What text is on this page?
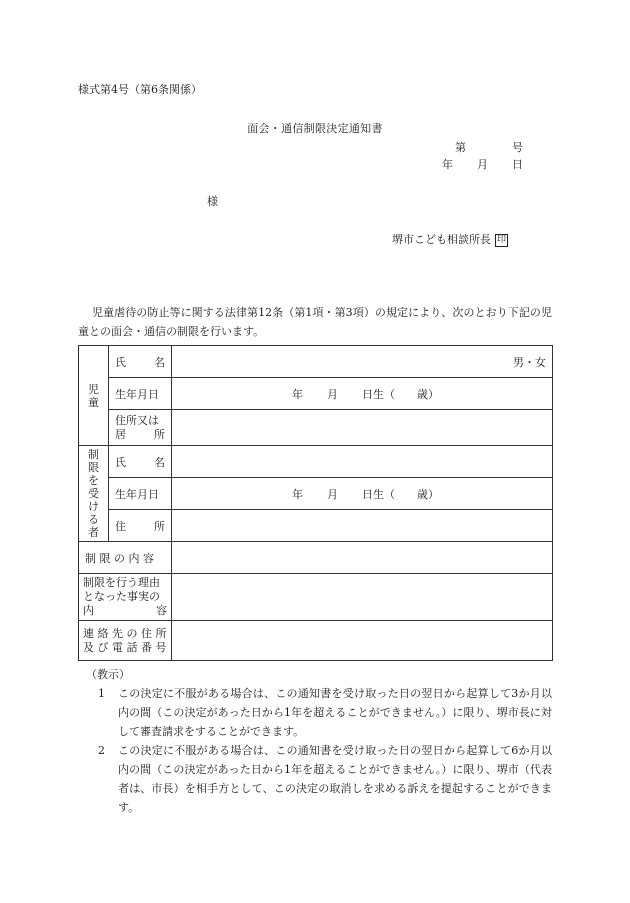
様式第4号（第6条関係）
面会・通信制限決定通知書
第	号
年 月 日
様
堺市こども相談所長 印
児童虐待の防止等に関する法律第12条（第1項・第3項）の規定により、次のとおり下記の児童との面会・通信の制限を行います。
児童	氏 名	男・女
	生年月日	年 月 日生（ 歳）

	住所又は
居 所	

制限を受ける者	氏 名	

	生年月日	年 月 日生（ 歳）

	住 所	

制 限 の 内 容		

制限を行う理由
となった事実の
内 容		

連 絡 先 の 住 所
及 び 電 話 番 号		

（教示）
1	この決定に不服がある場合は、この通知書を受け取った日の翌日から起算して3か月以内の間（この決定があった日から1年を超えることができません。）に限り、堺市長に対して審査請求をすることができます。
2	この決定に不服がある場合は、この通知書を受け取った日の翌日から起算して6か月以内の間（この決定があった日から1年を超えることができません。）に限り、堺市（代表者は、市長）を相手方として、この決定の取消しを求める訴えを提起することができます。
